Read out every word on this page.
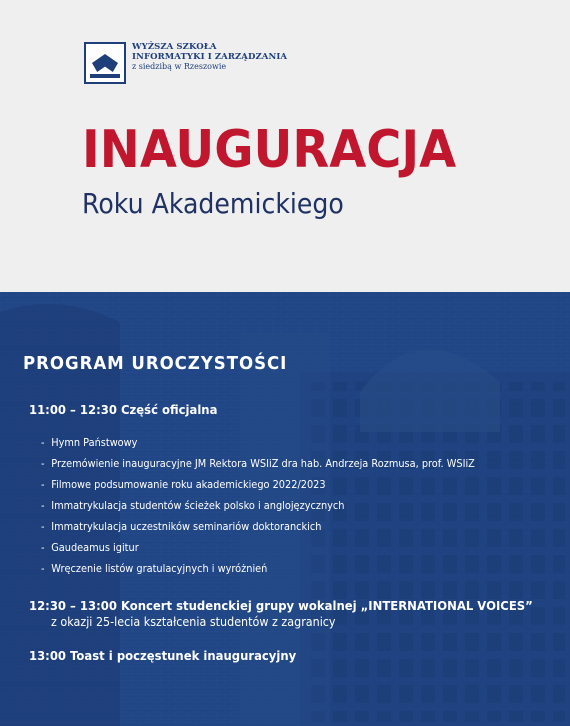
WYŻSZA SZKOŁA
INFORMATYKI I ZARZĄDZANIA
z siedzibą w Rzeszowie
INAUGURACJA
Roku Akademickiego
PROGRAM UROCZYSTOŚCI
11:00 – 12:30 Część oficjalna
- Hymn Państwowy
- Przemówienie inauguracyjne JM Rektora WSIiZ dra hab. Andrzeja Rozmusa, prof. WSIiZ
- Filmowe podsumowanie roku akademickiego 2022/2023
- Immatrykulacja studentów ścieżek polsko i anglojęzycznych
- Immatrykulacja uczestników seminariów doktoranckich
- Gaudeamus igitur
- Wręczenie listów gratulacyjnych i wyróżnień
12:30 – 13:00 Koncert studenckiej grupy wokalnej „INTERNATIONAL VOICES”
z okazji 25-lecia kształcenia studentów z zagranicy
13:00 Toast i poczęstunek inauguracyjny
